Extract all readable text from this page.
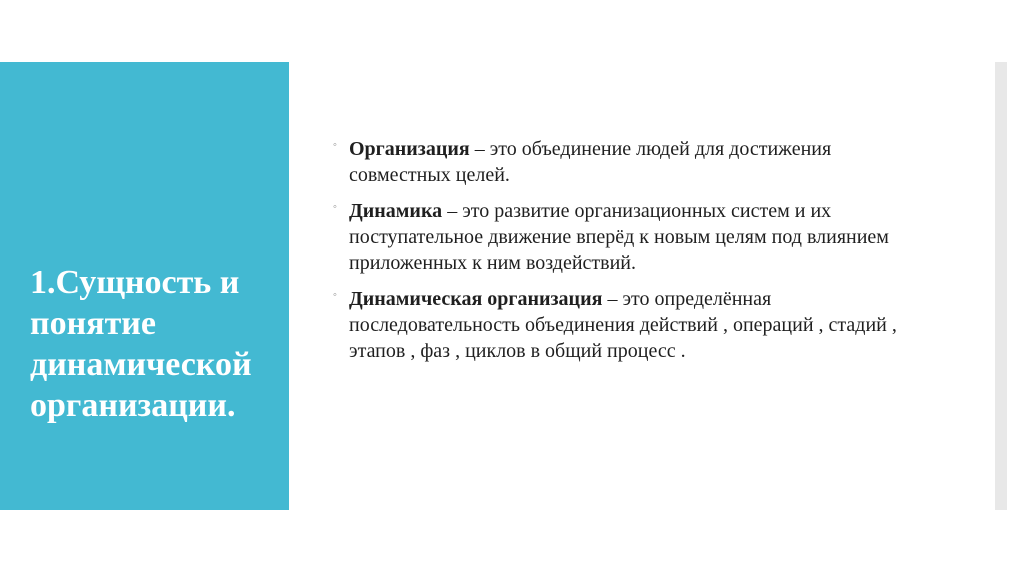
1.Сущность и понятие динамической организации.
◦ Организация – это объединение людей для достижения совместных целей.
◦ Динамика – это развитие организационных систем и их поступательное движение вперёд к новым целям под влиянием приложенных к ним воздействий.
◦ Динамическая организация – это определённая последовательность объединения действий , операций , стадий , этапов , фаз , циклов в общий процесс .
